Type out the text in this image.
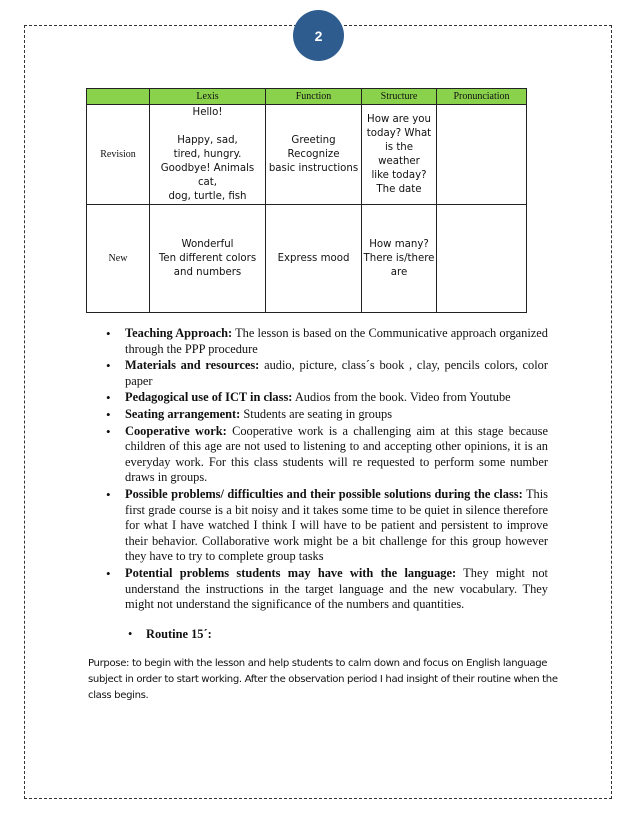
2
	Lexis	Function	Structure	Pronunciation
Revision	Hello!

Happy, sad,
tired, hungry.
Goodbye! Animals cat,
dog, turtle, fish	Greeting
Recognize
basic instructions	How are you
today? What
is the weather
like today?
The date	
New	Wonderful
Ten different colors
and numbers	Express mood	How many?
There is/there
are	
• Teaching Approach: The lesson is based on the Communicative approach organized through the PPP procedure
• Materials and resources: audio, picture, class´s book , clay, pencils colors, color paper
• Pedagogical use of ICT in class: Audios from the book. Video from Youtube
• Seating arrangement: Students are seating in groups
• Cooperative work: Cooperative work is a challenging aim at this stage because children of this age are not used to listening to and accepting other opinions, it is an everyday work. For this class students will re requested to perform some number draws in groups.
• Possible problems/ difficulties and their possible solutions during the class: This first grade course is a bit noisy and it takes some time to be quiet in silence therefore for what I have watched I think I will have to be patient and persistent to improve their behavior. Collaborative work might be a bit challenge for this group however they have to try to complete group tasks
• Potential problems students may have with the language: They might not understand the instructions in the target language and the new vocabulary. They might not understand the significance of the numbers and quantities.
• Routine 15´:

Purpose: to begin with the lesson and help students to calm down and focus on English language subject in order to start working. After the observation period I had insight of their routine when the class begins.
